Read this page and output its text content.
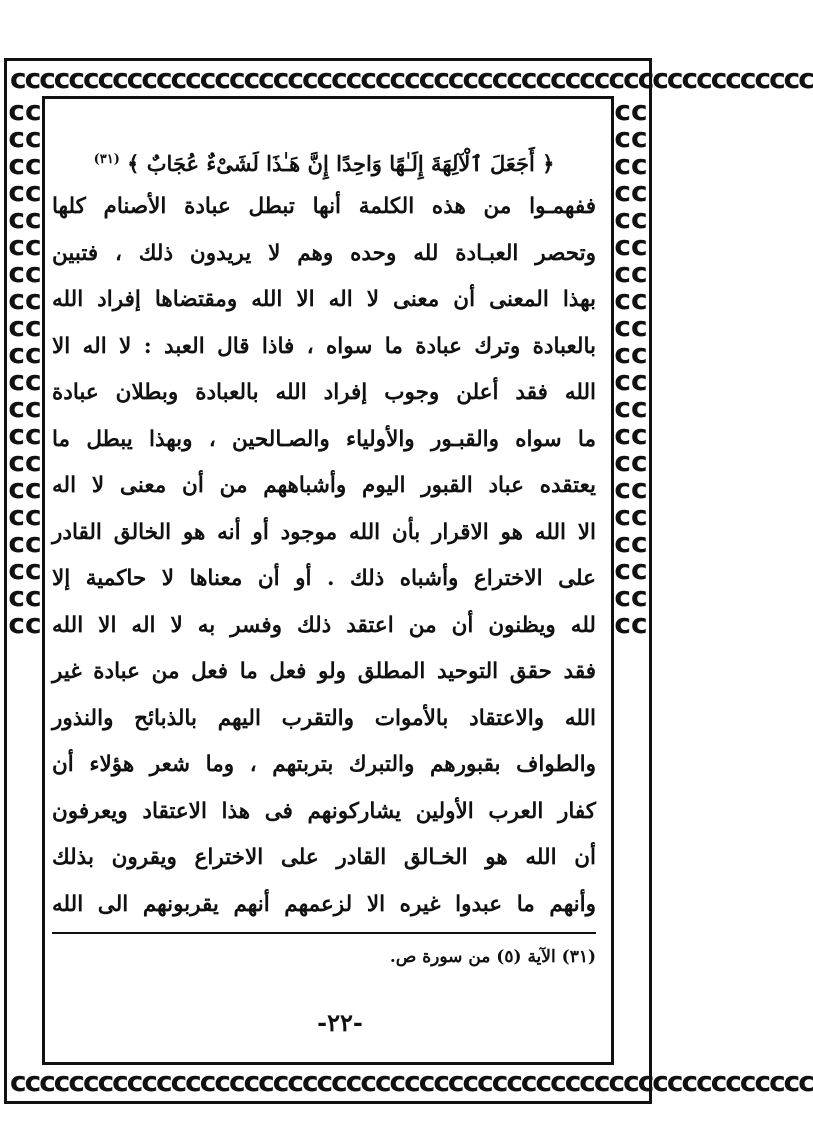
ccccccccccccccccccccccccccccccccccccccccccccccccccccccc
ccccccccccccccccccccccccccccccccccccccccccccccccccccccc
cccccccccccccccccccccccccccccccccccccccc
cccccccccccccccccccccccccccccccccccccccc
﴿ أَجَعَلَ ٱلْآلِهَةَ إِلَـٰهًا وَاحِدًا إِنَّ هَـٰذَا لَشَىْءٌ عُجَابٌ ﴾ $^{(٣١)}$
ففهمـوا من هذه الكلمة أنها تبطل عبادة الأصنام كلها
وتحصر العبـادة لله وحده وهم لا يريدون ذلك ، فتبين
بهذا المعنى أن معنى لا اله الا الله ومقتضاها إفراد الله
بالعبادة وترك عبادة ما سواه ، فاذا قال العبد : لا اله الا
الله فقد أعلن وجوب إفراد الله بالعبادة وبطلان عبادة
ما سواه والقبـور والأولياء والصـالحين ، وبهذا يبطل ما
يعتقده عباد القبور اليوم وأشباههم من أن معنى لا اله
الا الله هو الاقرار بأن الله موجود أو أنه هو الخالق القادر
على الاختراع وأشباه ذلك . أو أن معناها لا حاكمية إلا
لله ويظنون أن من اعتقد ذلك وفسر به لا اله الا الله
فقد حقق التوحيد المطلق ولو فعل ما فعل من عبادة غير
الله والاعتقاد بالأموات والتقرب اليهم بالذبائح والنذور
والطواف بقبورهم والتبرك بتربتهم ، وما شعر هؤلاء أن
كفار العرب الأولين يشاركونهم فى هذا الاعتقاد ويعرفون
أن الله هو الخـالق القادر على الاختراع ويقرون بذلك
وأنهم ما عبدوا غيره الا لزعمهم أنهم يقربونهم الى الله
(٣١) الآية (٥) من سورة ص.
-٢٢-
